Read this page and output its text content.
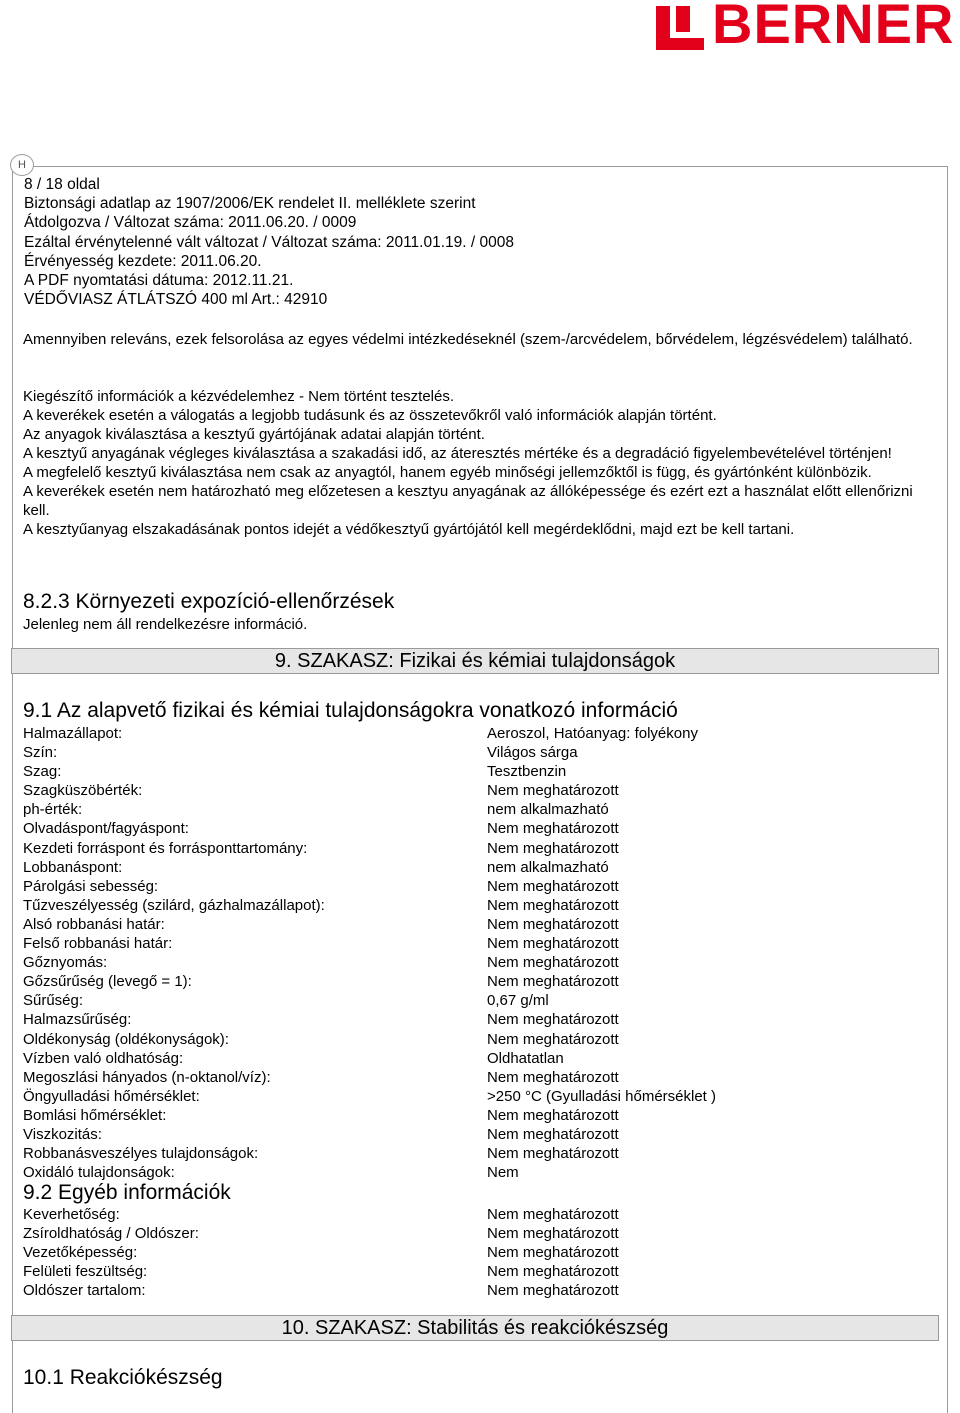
BERNER
H
8 / 18 oldal
Biztonsági adatlap az 1907/2006/EK rendelet II. melléklete szerint
Átdolgozva / Változat száma: 2011.06.20. / 0009
Ezáltal érvénytelenné vált változat / Változat száma: 2011.01.19. / 0008
Érvényesség kezdete: 2011.06.20.
A PDF nyomtatási dátuma: 2012.11.21.
VÉDŐVIASZ ÁTLÁTSZÓ 400 ml Art.: 42910

Amennyiben releváns, ezek felsorolása az egyes védelmi intézkedéseknél (szem-/arcvédelem, bőrvédelem, légzésvédelem) található.

Kiegészítő információk a kézvédelemhez - Nem történt tesztelés.

A keverékek esetén a válogatás a legjobb tudásunk és az összetevőkről való információk alapján történt.

Az anyagok kiválasztása a kesztyű gyártójának adatai alapján történt.

A kesztyű anyagának végleges kiválasztása a szakadási idő, az áteresztés mértéke és a degradáció figyelembevételével történjen!

A megfelelő kesztyű kiválasztása nem csak az anyagtól, hanem egyéb minőségi jellemzőktől is függ, és gyártónként különbözik.

A keverékek esetén nem határozható meg előzetesen a kesztyu anyagának az állóképessége és ezért ezt a használat előtt ellenőrizni kell.

A kesztyűanyag elszakadásának pontos idejét a védőkesztyű gyártójától kell megérdeklődni, majd ezt be kell tartani.

8.2.3 Környezeti expozíció-ellenőrzések
Jelenleg nem áll rendelkezésre információ.
9. SZAKASZ: Fizikai és kémiai tulajdonságok
9.1 Az alapvető fizikai és kémiai tulajdonságokra vonatkozó információ
Halmazállapot:	Aeroszol, Hatóanyag: folyékony
Szín:	Világos sárga
Szag:	Tesztbenzin
Szagküszöbérték:	Nem meghatározott
ph-érték:	nem alkalmazható
Olvadáspont/fagyáspont:	Nem meghatározott
Kezdeti forráspont és forrásponttartomány:	Nem meghatározott
Lobbanáspont:	nem alkalmazható
Párolgási sebesség:	Nem meghatározott
Tűzveszélyesség (szilárd, gázhalmazállapot):	Nem meghatározott
Alsó robbanási határ:	Nem meghatározott
Felső robbanási határ:	Nem meghatározott
Gőznyomás:	Nem meghatározott
Gőzsűrűség (levegő = 1):	Nem meghatározott
Sűrűség:	0,67 g/ml
Halmazsűrűség:	Nem meghatározott
Oldékonyság (oldékonyságok):	Nem meghatározott
Vízben való oldhatóság:	Oldhatatlan
Megoszlási hányados (n-oktanol/víz):	Nem meghatározott
Öngyulladási hőmérséklet:	>250 °C (Gyulladási hőmérséklet )
Bomlási hőmérséklet:	Nem meghatározott
Viszkozitás:	Nem meghatározott
Robbanásveszélyes tulajdonságok:	Nem meghatározott
Oxidáló tulajdonságok:	Nem
9.2 Egyéb információk
Keverhetőség:	Nem meghatározott
Zsíroldhatóság / Oldószer:	Nem meghatározott
Vezetőképesség:	Nem meghatározott
Felületi feszültség:	Nem meghatározott
Oldószer tartalom:	Nem meghatározott
10. SZAKASZ: Stabilitás és reakciókészség
10.1 Reakciókészség
